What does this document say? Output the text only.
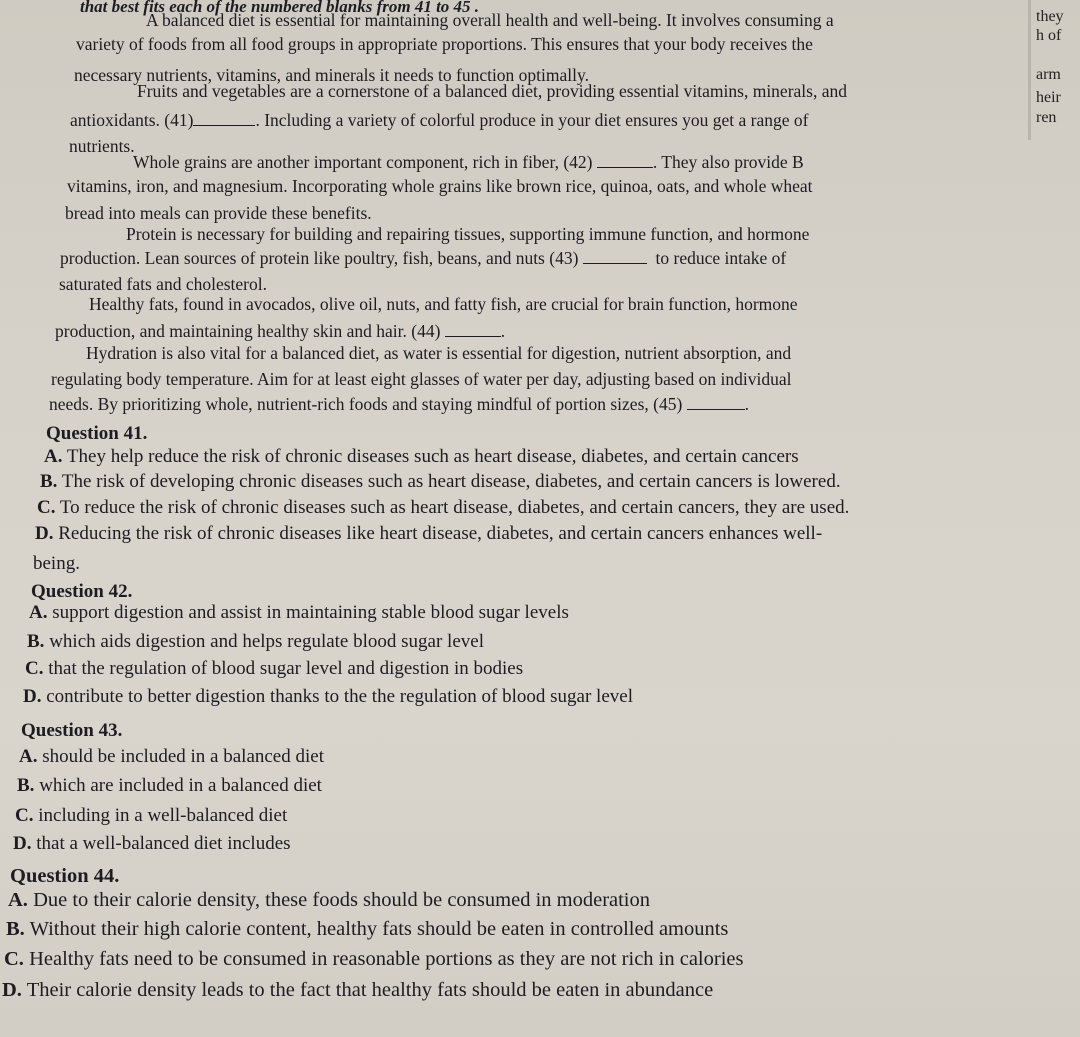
that best fits each of the numbered blanks from 41 to 45 .
A balanced diet is essential for maintaining overall health and well-being. It involves consuming a
variety of foods from all food groups in appropriate proportions. This ensures that your body receives the
necessary nutrients, vitamins, and minerals it needs to function optimally.
Fruits and vegetables are a cornerstone of a balanced diet, providing essential vitamins, minerals, and
antioxidants. (41)	. Including a variety of colorful produce in your diet ensures you get a range of
nutrients.
Whole grains are another important component, rich in fiber, (42)	. They also provide B
vitamins, iron, and magnesium. Incorporating whole grains like brown rice, quinoa, oats, and whole wheat
bread into meals can provide these benefits.
Protein is necessary for building and repairing tissues, supporting immune function, and hormone
production. Lean sources of protein like poultry, fish, beans, and nuts (43)	to reduce intake of
saturated fats and cholesterol.
Healthy fats, found in avocados, olive oil, nuts, and fatty fish, are crucial for brain function, hormone
production, and maintaining healthy skin and hair. (44)	.
Hydration is also vital for a balanced diet, as water is essential for digestion, nutrient absorption, and
regulating body temperature. Aim for at least eight glasses of water per day, adjusting based on individual
needs. By prioritizing whole, nutrient-rich foods and staying mindful of portion sizes, (45)	.
Question 41.
A. They help reduce the risk of chronic diseases such as heart disease, diabetes, and certain cancers
B. The risk of developing chronic diseases such as heart disease, diabetes, and certain cancers is lowered.
C. To reduce the risk of chronic diseases such as heart disease, diabetes, and certain cancers, they are used.
D. Reducing the risk of chronic diseases like heart disease, diabetes, and certain cancers enhances well-
being.
Question 42.
A. support digestion and assist in maintaining stable blood sugar levels
B. which aids digestion and helps regulate blood sugar level
C. that the regulation of blood sugar level and digestion in bodies
D. contribute to better digestion thanks to the the regulation of blood sugar level
Question 43.
A. should be included in a balanced diet
B. which are included in a balanced diet
C. including in a well-balanced diet
D. that a well-balanced diet includes
Question 44.
A. Due to their calorie density, these foods should be consumed in moderation
B. Without their high calorie content, healthy fats should be eaten in controlled amounts
C. Healthy fats need to be consumed in reasonable portions as they are not rich in calories
D. Their calorie density leads to the fact that healthy fats should be eaten in abundance
they
h of
arm
heir
ren
